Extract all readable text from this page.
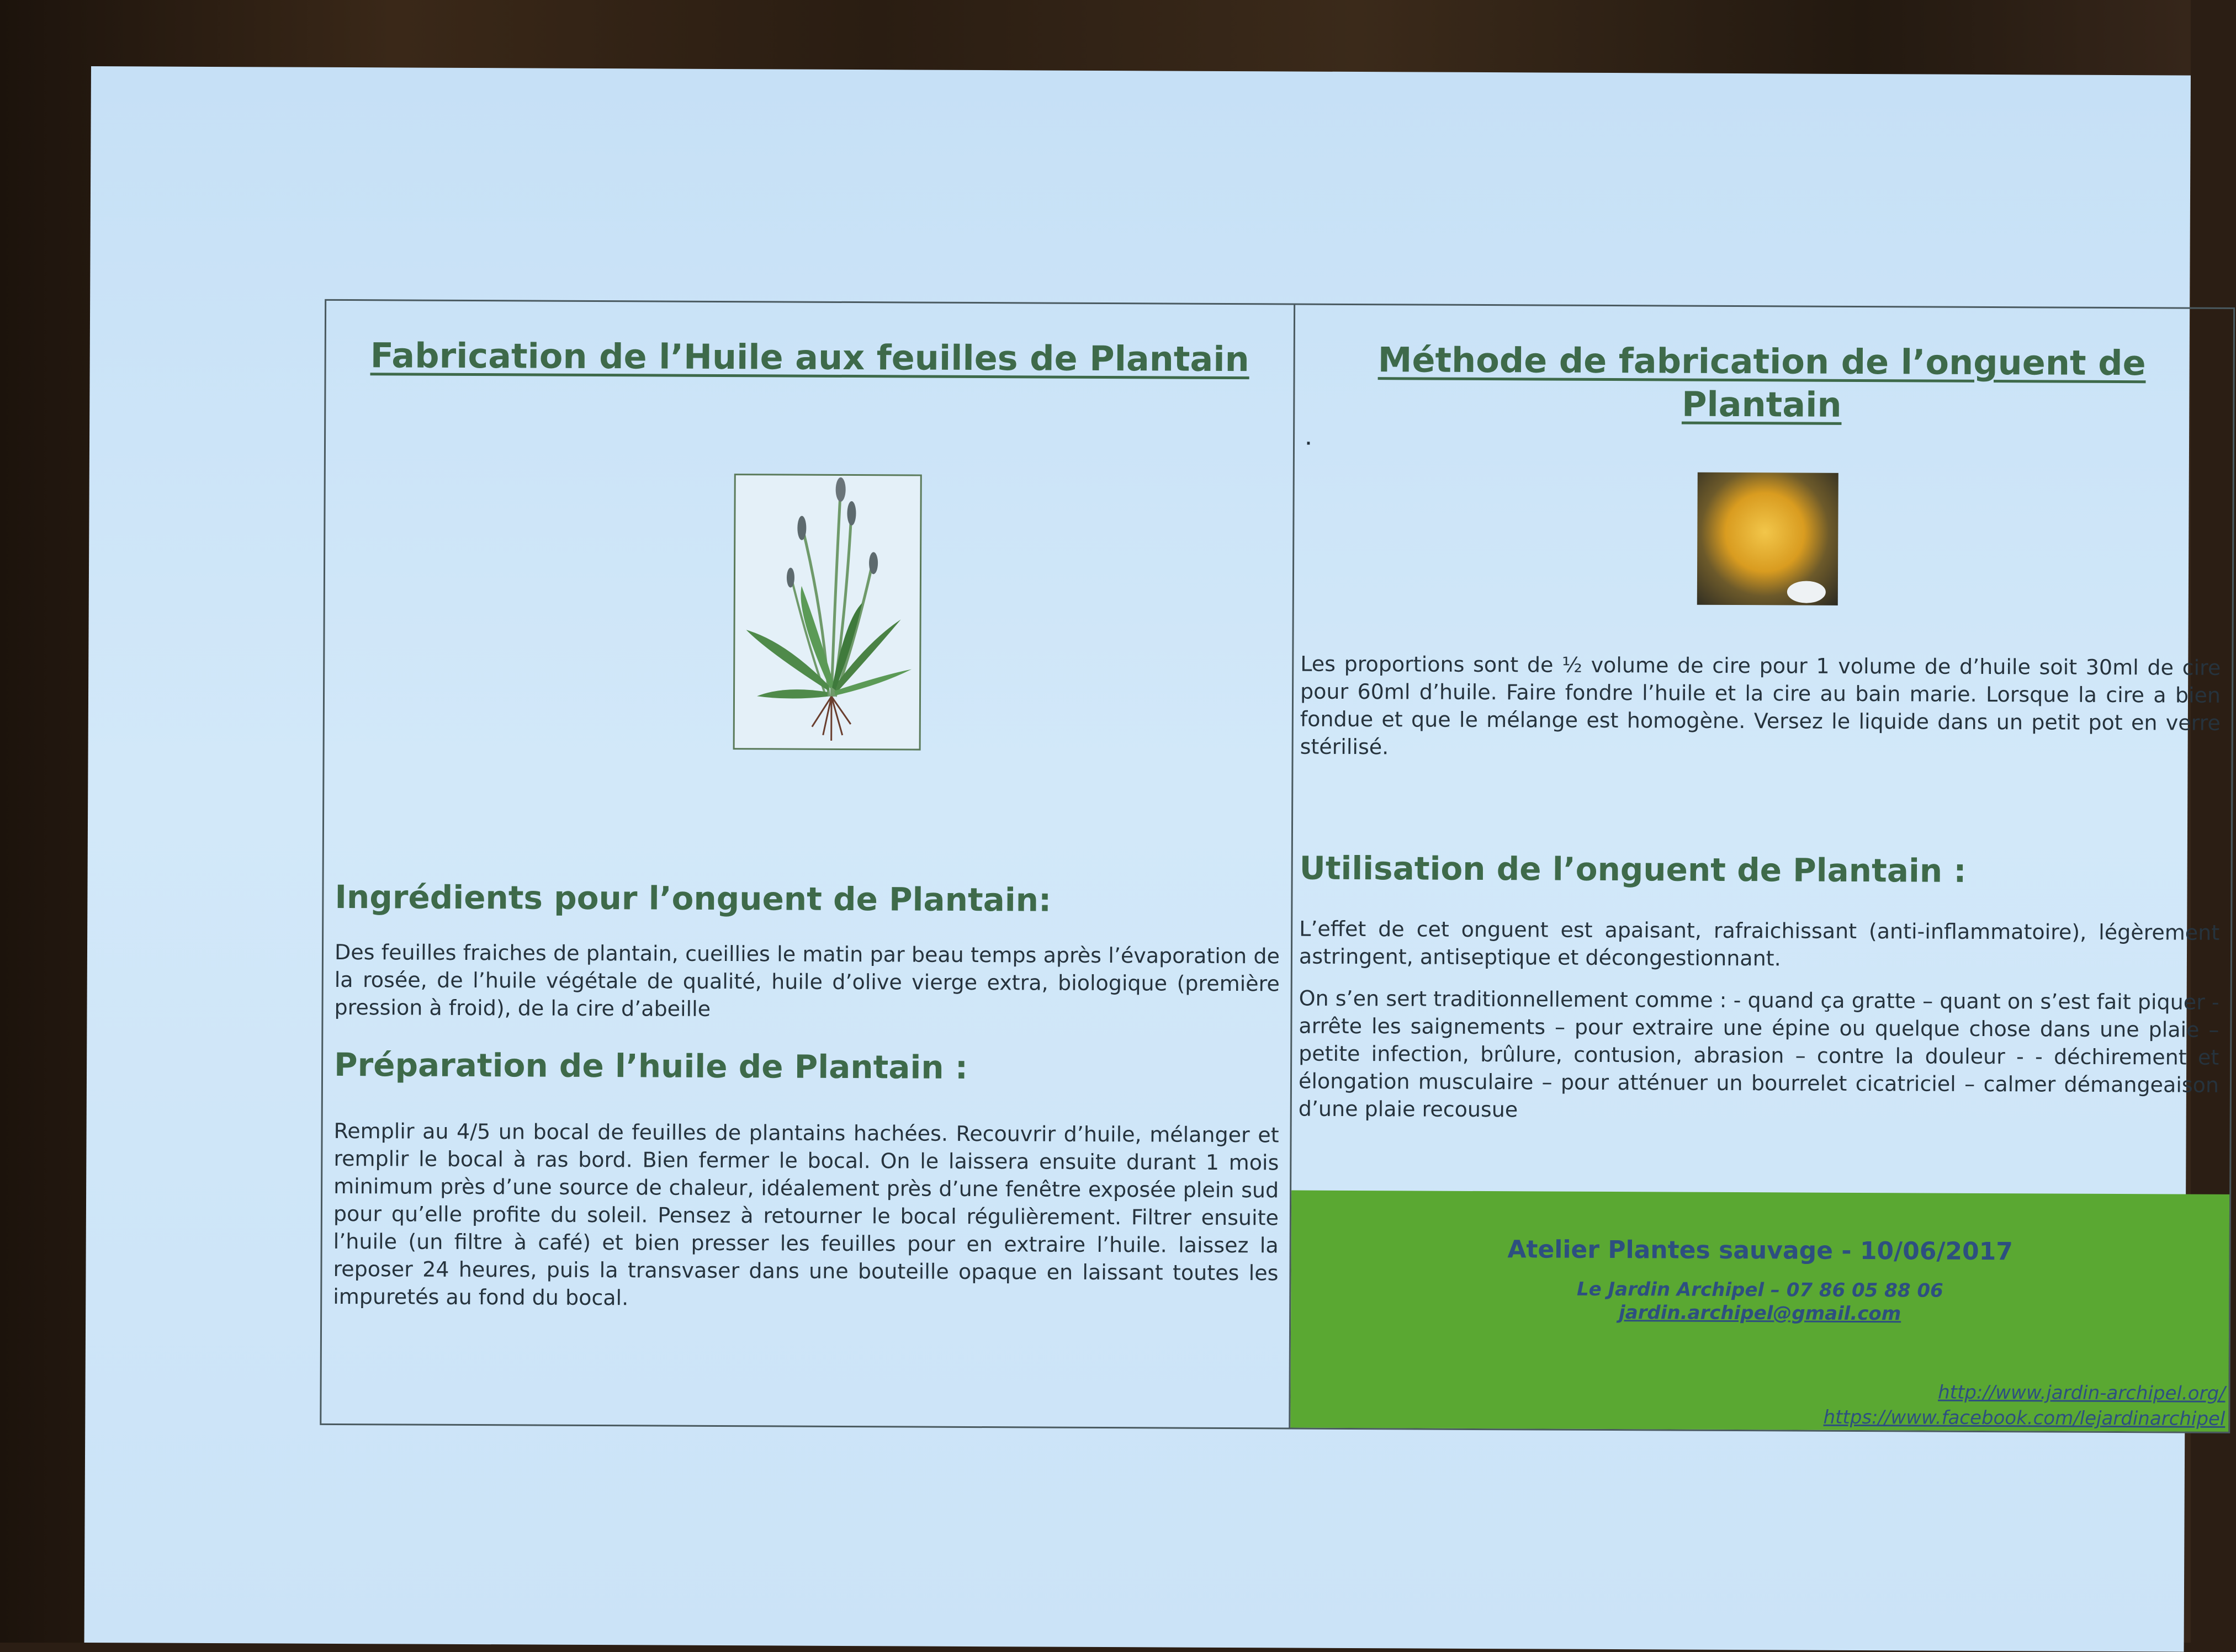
Fabrication de l’Huile aux feuilles de Plantain
Ingrédients pour l’onguent de Plantain:

Des feuilles fraiches de plantain, cueillies le matin par beau temps après l’évaporation de la rosée, de l’huile végétale de qualité, huile d’olive vierge extra, biologique (première pression à froid), de la cire d’abeille

Préparation de l’huile de Plantain :

Remplir au 4/5 un bocal de feuilles de plantains hachées. Recouvrir d’huile, mélanger et remplir le bocal à ras bord. Bien fermer le bocal. On le laissera ensuite durant 1 mois minimum près d’une source de chaleur, idéalement près d’une fenêtre exposée plein sud pour qu’elle profite du soleil. Pensez à retourner le bocal régulièrement. Filtrer ensuite l’huile (un filtre à café) et bien presser les feuilles pour en extraire l’huile. laissez la reposer 24 heures, puis la transvaser dans une bouteille opaque en laissant toutes les impuretés au fond du bocal.

Méthode de fabrication de l’onguent de Plantain
.

Les proportions sont de ½ volume de cire pour 1 volume de d’huile soit 30ml de cire pour 60ml d’huile. Faire fondre l’huile et la cire au bain marie. Lorsque la cire a bien fondue et que le mélange est homogène. Versez le liquide dans un petit pot en verre stérilisé.

Utilisation de l’onguent de Plantain :

L’effet de cet onguent est apaisant, rafraichissant (anti-inflammatoire), légèrement astringent, antiseptique et décongestionnant.

On s’en sert traditionnellement comme : - quand ça gratte – quant on s’est fait piquer - arrête les saignements – pour extraire une épine ou quelque chose dans une plaie – petite infection, brûlure, contusion, abrasion – contre la douleur - - déchirement et élongation musculaire – pour atténuer un bourrelet cicatriciel – calmer démangeaison d’une plaie recousue

Atelier Plantes sauvage - 10/06/2017
Le Jardin Archipel – 07 86 05 88 06
jardin.archipel@gmail.com
http://www.jardin-archipel.org/
https://www.facebook.com/lejardinarchipel
